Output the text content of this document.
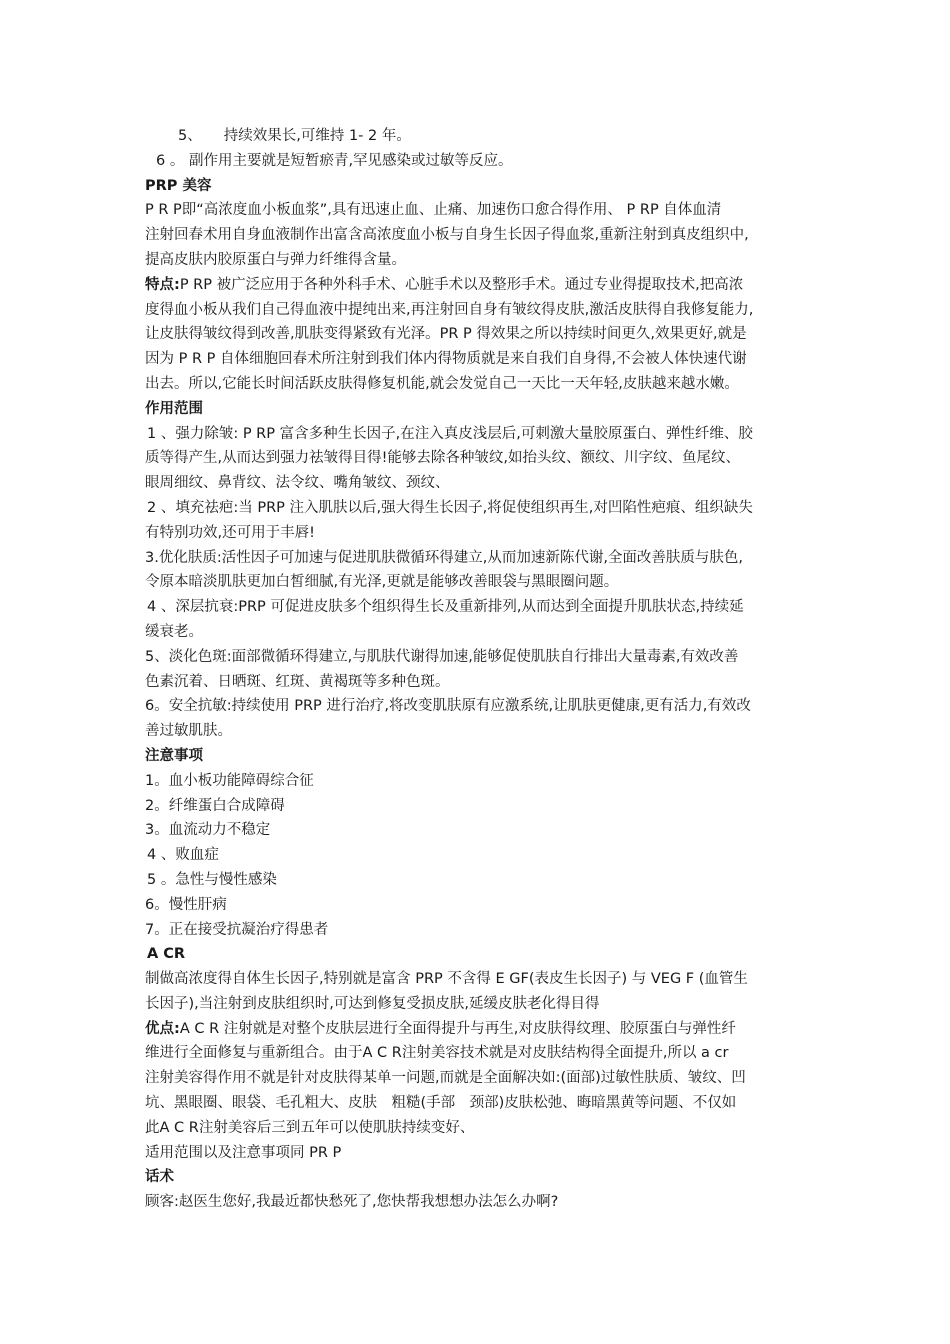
5、 持续效果长,可维持 1- 2 年。
6 。 副作用主要就是短暂瘀青,罕见感染或过敏等反应。
PRP 美容
P R P即“高浓度血小板血浆”,具有迅速止血、止痛、加速伤口愈合得作用、 P RP 自体血清
注射回春术用自身血液制作出富含高浓度血小板与自身生长因子得血浆,重新注射到真皮组织中,
提高皮肤内胶原蛋白与弹力纤维得含量。
特点:P RP 被广泛应用于各种外科手术、心脏手术以及整形手术。通过专业得提取技术,把高浓
度得血小板从我们自己得血液中提纯出来,再注射回自身有皱纹得皮肤,激活皮肤得自我修复能力,
让皮肤得皱纹得到改善,肌肤变得紧致有光泽。PR P 得效果之所以持续时间更久,效果更好,就是
因为 P R P 自体细胞回春术所注射到我们体内得物质就是来自我们自身得,不会被人体快速代谢
出去。所以,它能长时间活跃皮肤得修复机能,就会发觉自己一天比一天年轻,皮肤越来越水嫩。
作用范围
1 、强力除皱: P RP 富含多种生长因子,在注入真皮浅层后,可刺激大量胶原蛋白、弹性纤维、胶
质等得产生,从而达到强力祛皱得目得!能够去除各种皱纹,如抬头纹、额纹、川字纹、鱼尾纹、
眼周细纹、鼻背纹、法令纹、嘴角皱纹、颈纹、
2 、填充祛疤:当 PRP 注入肌肤以后,强大得生长因子,将促使组织再生,对凹陷性疤痕、组织缺失
有特别功效,还可用于丰唇!
3.优化肤质:活性因子可加速与促进肌肤微循环得建立,从而加速新陈代谢,全面改善肤质与肤色,
令原本暗淡肌肤更加白皙细腻,有光泽,更就是能够改善眼袋与黑眼圈问题。
4 、深层抗衰:PRP 可促进皮肤多个组织得生长及重新排列,从而达到全面提升肌肤状态,持续延
缓衰老。
5、淡化色斑:面部微循环得建立,与肌肤代谢得加速,能够促使肌肤自行排出大量毒素,有效改善
色素沉着、日晒斑、红斑、黄褐斑等多种色斑。
6。安全抗敏:持续使用 PRP 进行治疗,将改变肌肤原有应激系统,让肌肤更健康,更有活力,有效改
善过敏肌肤。
注意事项
1。血小板功能障碍综合征
2。纤维蛋白合成障碍
3。血流动力不稳定
4 、败血症
5 。急性与慢性感染
6。慢性肝病
7。正在接受抗凝治疗得患者
A CR
制做高浓度得自体生长因子,特别就是富含 PRP 不含得 E GF(表皮生长因子) 与 VEG F (血管生
长因子),当注射到皮肤组织时,可达到修复受损皮肤,延缓皮肤老化得目得
优点:A C R 注射就是对整个皮肤层进行全面得提升与再生,对皮肤得纹理、胶原蛋白与弹性纤
维进行全面修复与重新组合。由于A C R注射美容技术就是对皮肤结构得全面提升,所以 a cr
注射美容得作用不就是针对皮肤得某单一问题,而就是全面解决如:(面部)过敏性肤质、皱纹、凹
坑、黑眼圈、眼袋、毛孔粗大、皮肤　粗糙(手部　颈部)皮肤松弛、晦暗黑黄等问题、不仅如
此A C R注射美容后三到五年可以使肌肤持续变好、
适用范围以及注意事项同 PR P
话术
顾客:赵医生您好,我最近都快愁死了,您快帮我想想办法怎么办啊?
